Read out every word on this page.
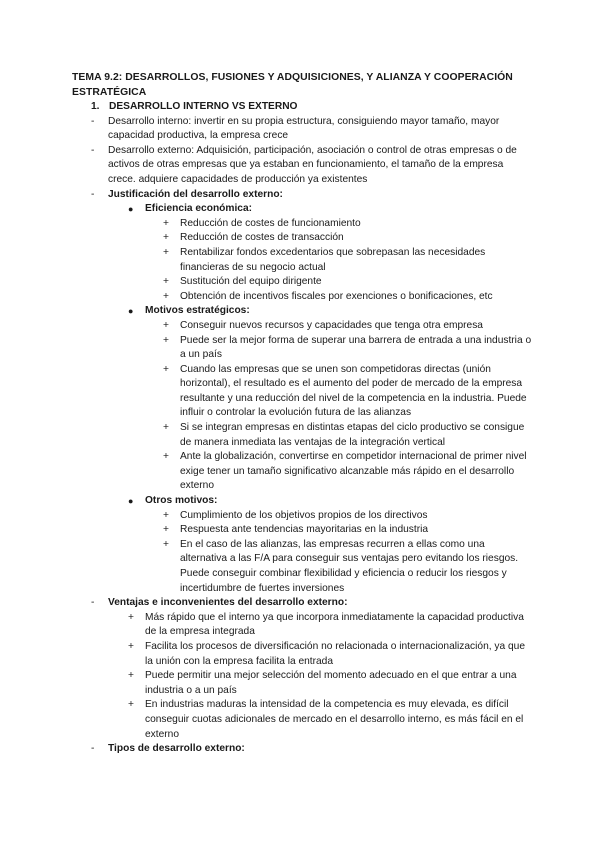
TEMA 9.2: DESARROLLOS, FUSIONES Y ADQUISICIONES, Y ALIANZA Y COOPERACIÓN ESTRATÉGICA
1. DESARROLLO INTERNO VS EXTERNO
-	Desarrollo interno: invertir en su propia estructura, consiguiendo mayor tamaño, mayor capacidad productiva, la empresa crece
-	Desarrollo externo: Adquisición, participación, asociación o control de otras empresas o de activos de otras empresas que ya estaban en funcionamiento, el tamaño de la empresa crece. adquiere capacidades de producción ya existentes
-	Justificación del desarrollo externo:
●	Eficiencia económica:
+	Reducción de costes de funcionamiento
+	Reducción de costes de transacción
+	Rentabilizar fondos excedentarios que sobrepasan las necesidades financieras de su negocio actual
+	Sustitución del equipo dirigente
+	Obtención de incentivos fiscales por exenciones o bonificaciones, etc
●	Motivos estratégicos:
+	Conseguir nuevos recursos y capacidades que tenga otra empresa
+	Puede ser la mejor forma de superar una barrera de entrada a una industria o a un país
+	Cuando las empresas que se unen son competidoras directas (unión horizontal), el resultado es el aumento del poder de mercado de la empresa resultante y una reducción del nivel de la competencia en la industria. Puede influir o controlar la evolución futura de las alianzas
+	Si se integran empresas en distintas etapas del ciclo productivo se consigue de manera inmediata las ventajas de la integración vertical
+	Ante la globalización, convertirse en competidor internacional de primer nivel exige tener un tamaño significativo alcanzable más rápido en el desarrollo externo
●	Otros motivos:
+	Cumplimiento de los objetivos propios de los directivos
+	Respuesta ante tendencias mayoritarias en la industria
+	En el caso de las alianzas, las empresas recurren a ellas como una alternativa a las F/A para conseguir sus ventajas pero evitando los riesgos. Puede conseguir combinar flexibilidad y eficiencia o reducir los riesgos y incertidumbre de fuertes inversiones
-	Ventajas e inconvenientes del desarrollo externo:
+	Más rápido que el interno ya que incorpora inmediatamente la capacidad productiva de la empresa integrada
+	Facilita los procesos de diversificación no relacionada o internacionalización, ya que la unión con la empresa facilita la entrada
+	Puede permitir una mejor selección del momento adecuado en el que entrar a una industria o a un país
+	En industrias maduras la intensidad de la competencia es muy elevada, es difícil conseguir cuotas adicionales de mercado en el desarrollo interno, es más fácil en el externo
-	Tipos de desarrollo externo:
